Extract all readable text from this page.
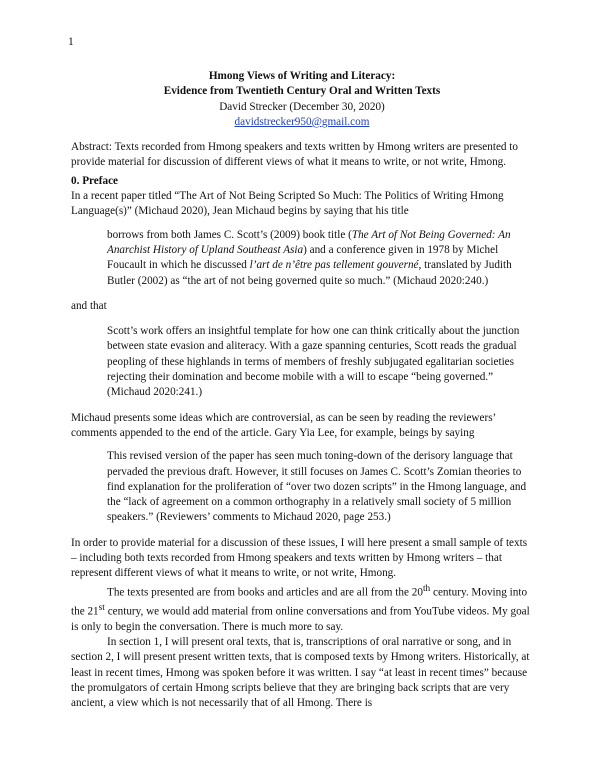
1

Hmong Views of Writing and Literacy:

Evidence from Twentieth Century Oral and Written Texts

David Strecker (December 30, 2020)

davidstrecker950@gmail.com

Abstract: Texts recorded from Hmong speakers and texts written by Hmong writers are presented to provide material for discussion of different views of what it means to write, or not write, Hmong.

0. Preface

In a recent paper titled “The Art of Not Being Scripted So Much: The Politics of Writing Hmong Language(s)” (Michaud 2020), Jean Michaud begins by saying that his title

borrows from both James C. Scott’s (2009) book title (The Art of Not Being Governed: An Anarchist History of Upland Southeast Asia) and a conference given in 1978 by Michel Foucault in which he discussed l’art de n’être pas tellement gouverné, translated by Judith Butler (2002) as “the art of not being governed quite so much.” (Michaud 2020:240.)

and that

Scott’s work offers an insightful template for how one can think critically about the junction between state evasion and aliteracy. With a gaze spanning centuries, Scott reads the gradual peopling of these highlands in terms of members of freshly subjugated egalitarian societies rejecting their domination and become mobile with a will to escape “being governed.” (Michaud 2020:241.)

Michaud presents some ideas which are controversial, as can be seen by reading the reviewers’ comments appended to the end of the article. Gary Yia Lee, for example, beings by saying

This revised version of the paper has seen much toning-down of the derisory language that pervaded the previous draft. However, it still focuses on James C. Scott’s Zomian theories to find explanation for the proliferation of “over two dozen scripts” in the Hmong language, and the “lack of agreement on a common orthography in a relatively small society of 5 million speakers.” (Reviewers’ comments to Michaud 2020, page 253.)

In order to provide material for a discussion of these issues, I will here present a small sample of texts – including both texts recorded from Hmong speakers and texts written by Hmong writers – that represent different views of what it means to write, or not write, Hmong.

The texts presented are from books and articles and are all from the 20th century. Moving into the 21st century, we would add material from online conversations and from YouTube videos. My goal is only to begin the conversation. There is much more to say.

In section 1, I will present oral texts, that is, transcriptions of oral narrative or song, and in section 2, I will present present written texts, that is composed texts by Hmong writers. Historically, at least in recent times, Hmong was spoken before it was written. I say “at least in recent times” because the promulgators of certain Hmong scripts believe that they are bringing back scripts that are very ancient, a view which is not necessarily that of all Hmong. There is
